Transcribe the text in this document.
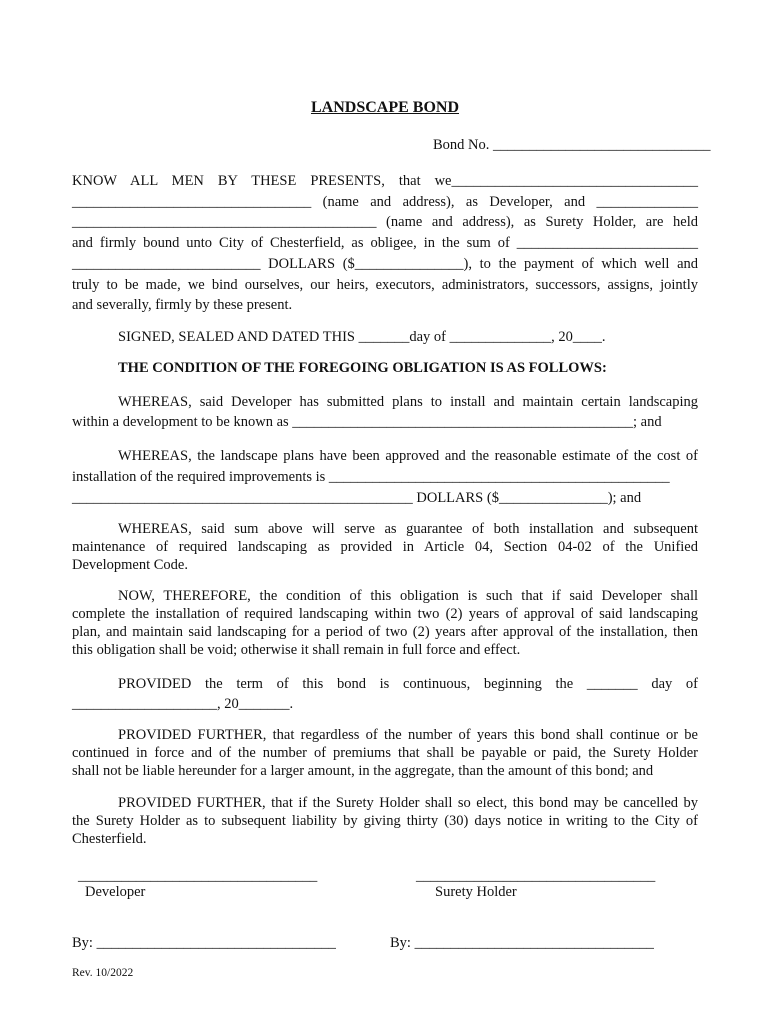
LANDSCAPE BOND
Bond No. ______________________________
KNOW ALL MEN BY THESE PRESENTS, that we__________________________________
_________________________________ (name and address), as Developer, and ______________
__________________________________________ (name and address), as Surety Holder, are held
and firmly bound unto City of Chesterfield, as obligee, in the sum of _________________________
__________________________ DOLLARS ($_______________), to the payment of which well and
truly to be made, we bind ourselves, our heirs, executors, administrators, successors, assigns, jointly
and severally, firmly by these present.
SIGNED, SEALED AND DATED THIS _______day of ______________, 20____.
THE CONDITION OF THE FOREGOING OBLIGATION IS AS FOLLOWS:
WHEREAS, said Developer has submitted plans to install and maintain certain landscaping
within a development to be known as _______________________________________________; and
WHEREAS, the landscape plans have been approved and the reasonable estimate of the cost of
installation of the required improvements is _______________________________________________
_______________________________________________ DOLLARS ($_______________); and
WHEREAS, said sum above will serve as guarantee of both installation and subsequent
maintenance of required landscaping as provided in Article 04, Section 04-02 of the Unified
Development Code.
NOW, THEREFORE, the condition of this obligation is such that if said Developer shall
complete the installation of required landscaping within two (2) years of approval of said landscaping
plan, and maintain said landscaping for a period of two (2) years after approval of the installation, then
this obligation shall be void; otherwise it shall remain in full force and effect.
PROVIDED the term of this bond is continuous, beginning the _______ day of
____________________, 20_______.
PROVIDED FURTHER, that regardless of the number of years this bond shall continue or be
continued in force and of the number of premiums that shall be payable or paid, the Surety Holder
shall not be liable hereunder for a larger amount, in the aggregate, than the amount of this bond; and
PROVIDED FURTHER, that if the Surety Holder shall so elect, this bond may be cancelled by
the Surety Holder as to subsequent liability by giving thirty (30) days notice in writing to the City of
Chesterfield.
_________________________________
Developer
_________________________________
Surety Holder
By: _________________________________	By: _________________________________
Rev. 10/2022
